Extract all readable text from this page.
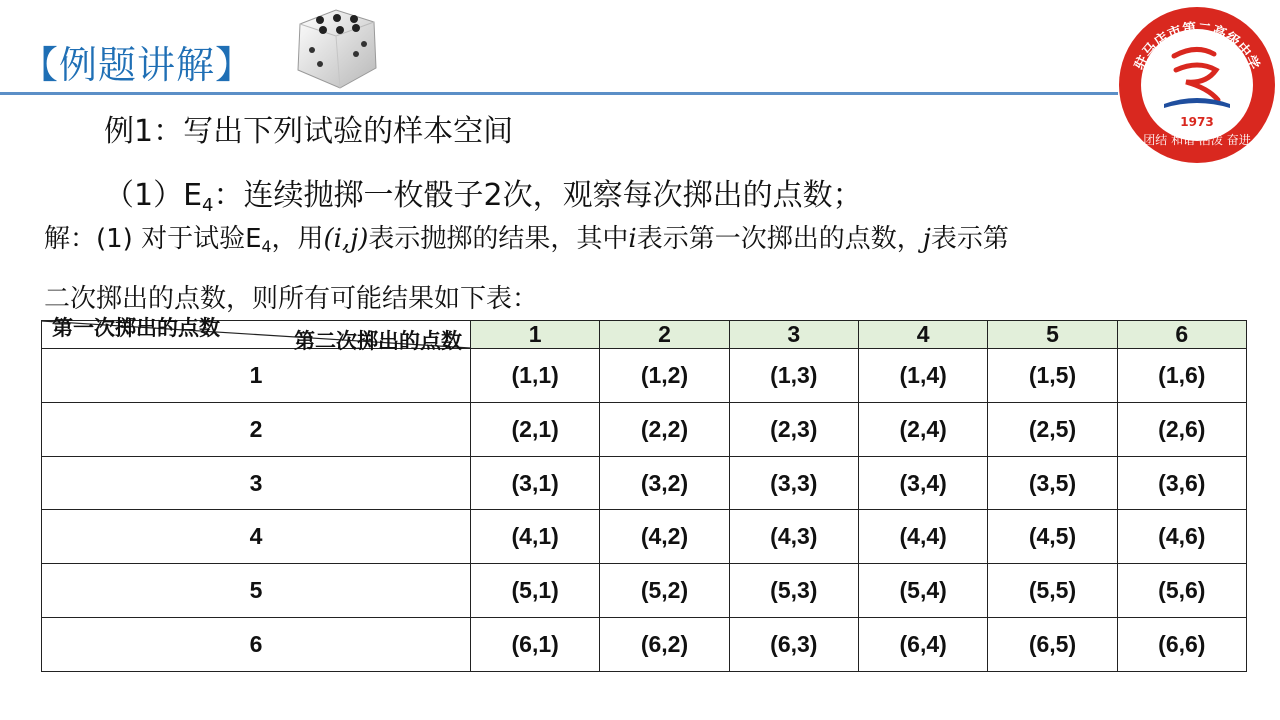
【例题讲解】	驻马店市第二高级中学
团结 和谐 活泼 奋进
1973
例1：写出下列试验的样本空间
$(1)E_4$：连续抛掷一枚骰子2次，观察每次掷出的点数；
解：(1) 对于试验$E_4$，用(i,j)表示抛掷的结果，其中i表示第一次掷出的点数，j表示第
二次掷出的点数，则所有可能结果如下表：
第二次掷出的点数
第一次掷出的点数	1	2	3	4	5	6
1	(1,1)	(1,2)	(1,3)	(1,4)	(1,5)	(1,6)
2	(2,1)	(2,2)	(2,3)	(2,4)	(2,5)	(2,6)
3	(3,1)	(3,2)	(3,3)	(3,4)	(3,5)	(3,6)
4	(4,1)	(4,2)	(4,3)	(4,4)	(4,5)	(4,6)
5	(5,1)	(5,2)	(5,3)	(5,4)	(5,5)	(5,6)
6	(6,1)	(6,2)	(6,3)	(6,4)	(6,5)	(6,6)
